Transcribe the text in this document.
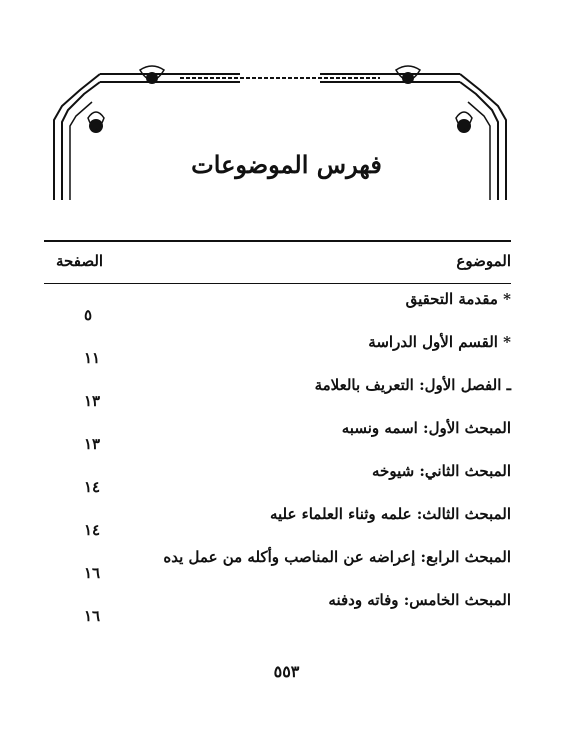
فهرس الموضوعات
الموضوع
الصفحة
* مقدمة التحقيق
٥
* القسم الأول الدراسة
١١
ـ الفصل الأول: التعريف بالعلامة
١٣
المبحث الأول: اسمه ونسبه
١٣
المبحث الثاني: شيوخه
١٤
المبحث الثالث: علمه وثناء العلماء عليه
١٤
المبحث الرابع: إعراضه عن المناصب وأكله من عمل يده
١٦
المبحث الخامس: وفاته ودفنه
١٦
٥٥٣
